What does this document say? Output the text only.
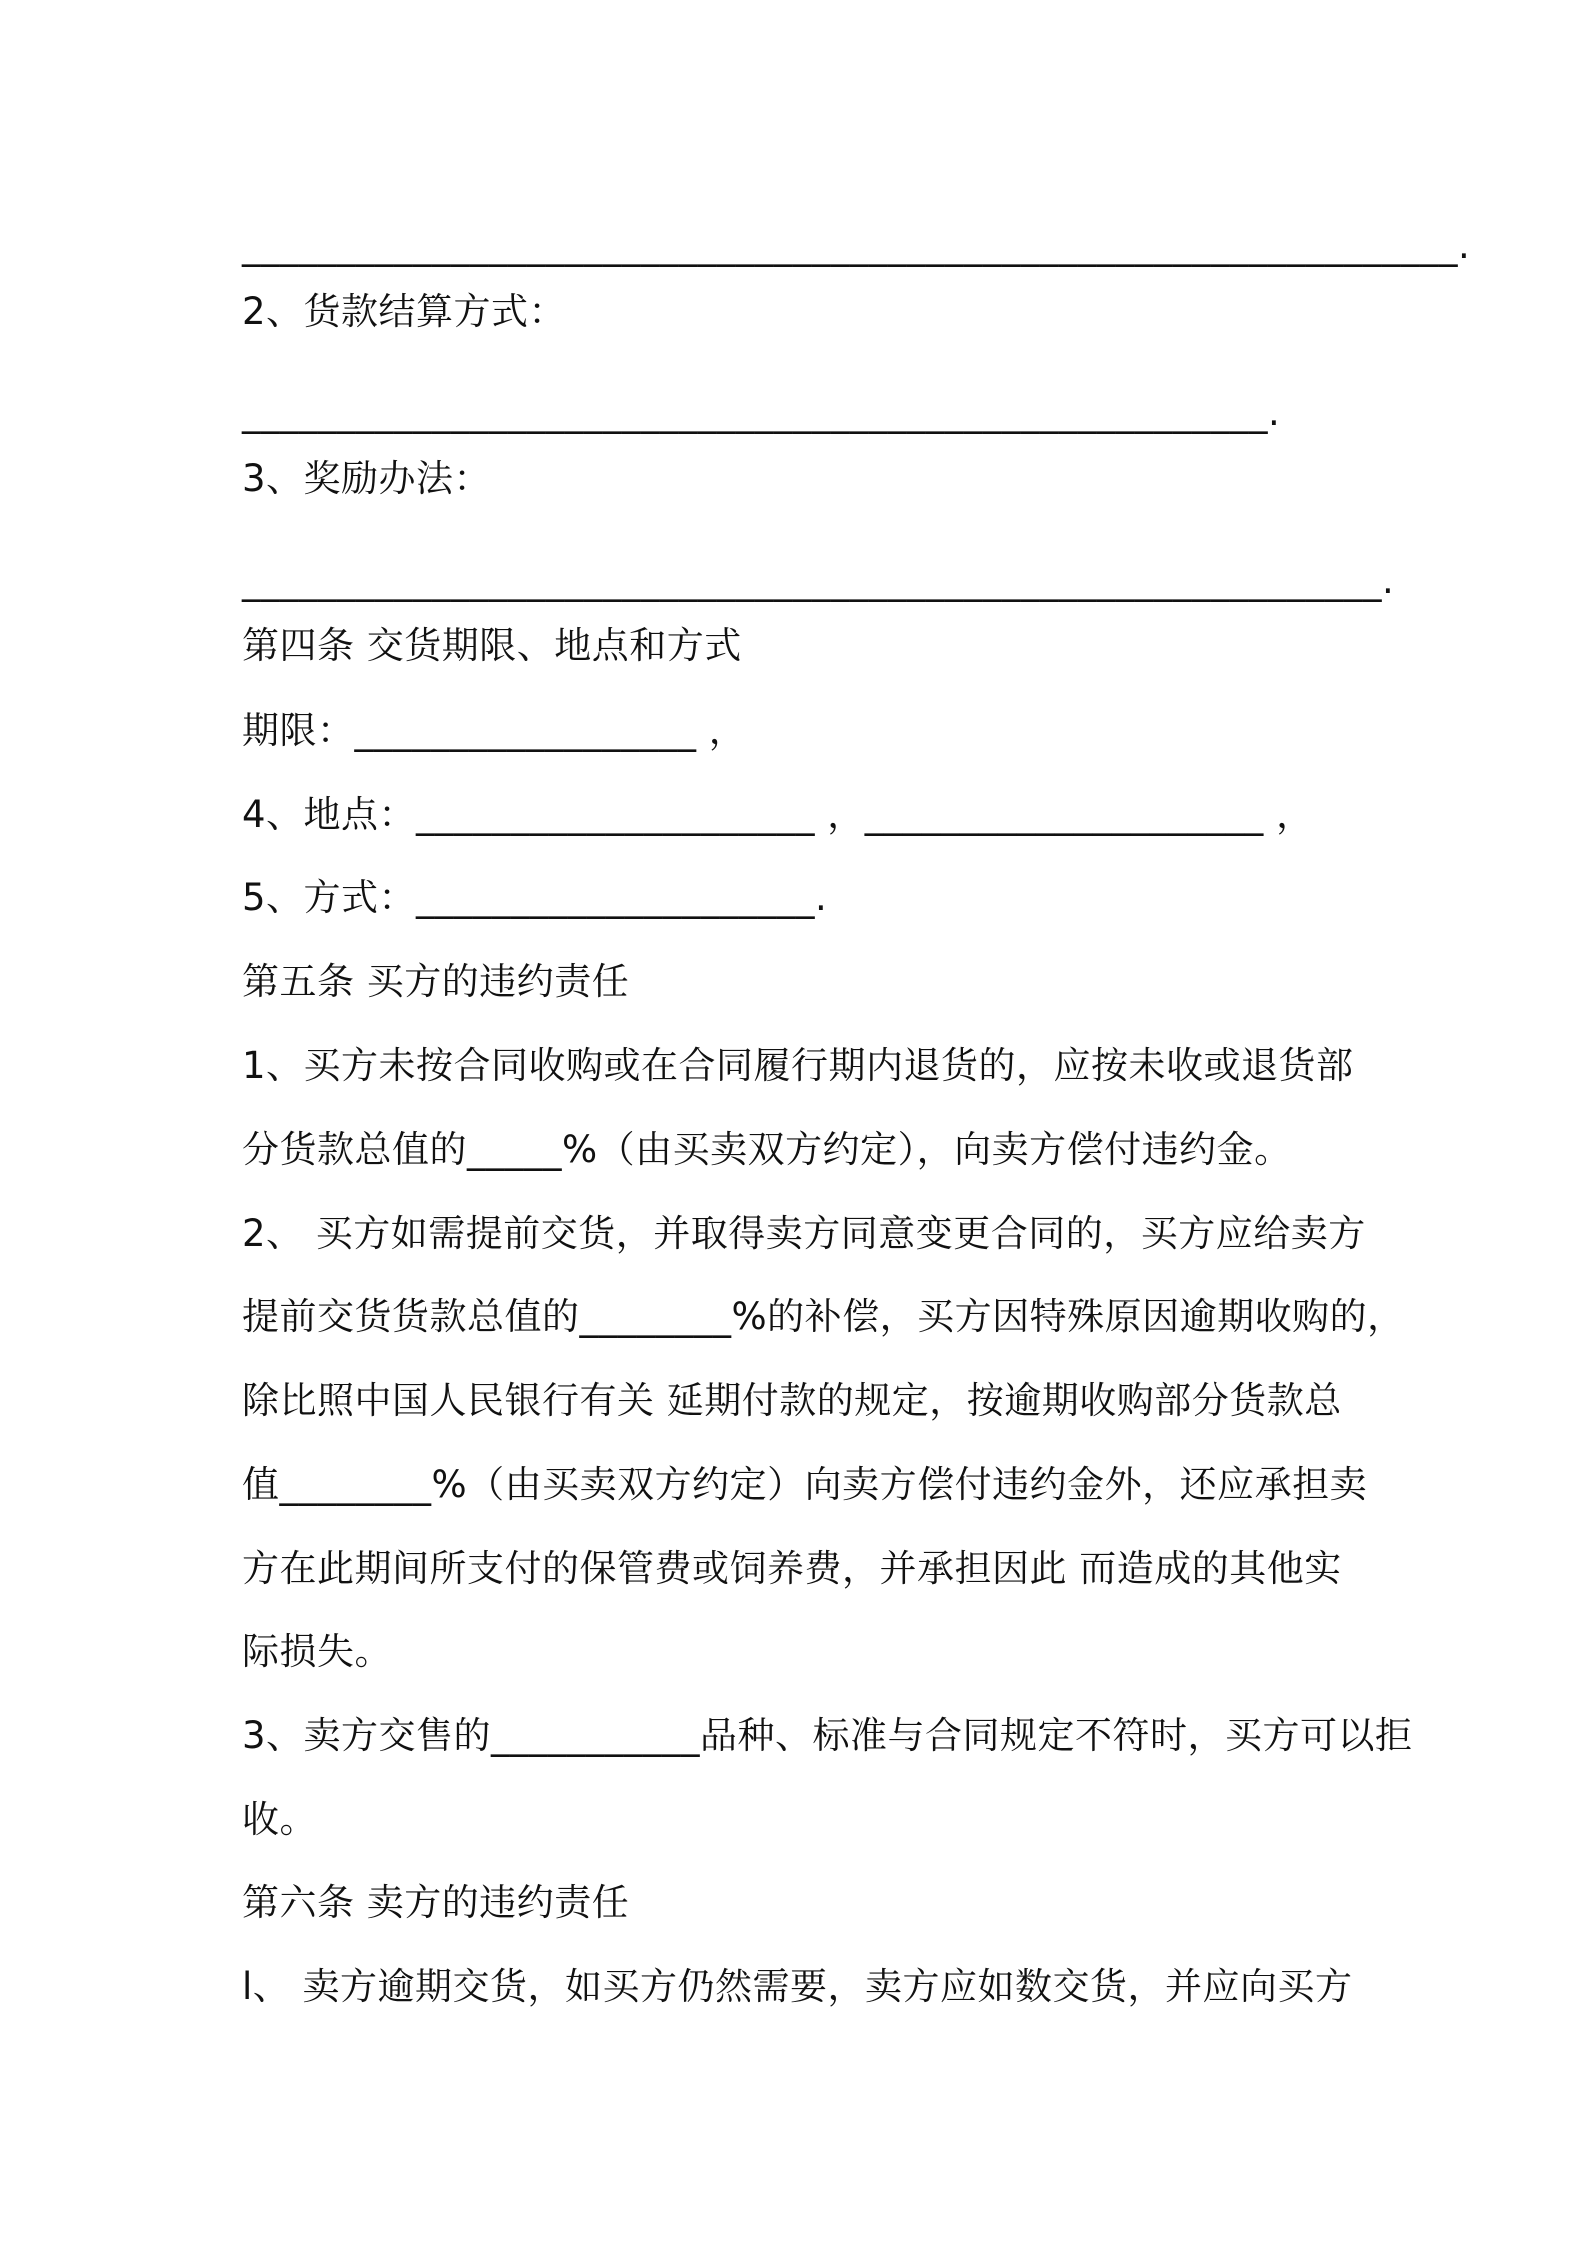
________________________________________________________________.
2、货款结算方式：
______________________________________________________.
3、奖励办法：
____________________________________________________________.
第四条 交货期限、地点和方式
期限：__________________ ，
4、地点：_____________________ ，_____________________ ，
5、方式：_____________________.
第五条 买方的违约责任
1、买方未按合同收购或在合同履行期内退货的，应按未收或退货部
分货款总值的_____%（由买卖双方约定），向卖方偿付违约金。
2、 买方如需提前交货，并取得卖方同意变更合同的，买方应给卖方
提前交货货款总值的________%的补偿，买方因特殊原因逾期收购的，
除比照中国人民银行有关 延期付款的规定，按逾期收购部分货款总
值________%（由买卖双方约定）向卖方偿付违约金外，还应承担卖
方在此期间所支付的保管费或饲养费，并承担因此 而造成的其他实
际损失。
3、卖方交售的___________品种、标准与合同规定不符时，买方可以拒
收。
第六条 卖方的违约责任
l、 卖方逾期交货，如买方仍然需要，卖方应如数交货，并应向买方
